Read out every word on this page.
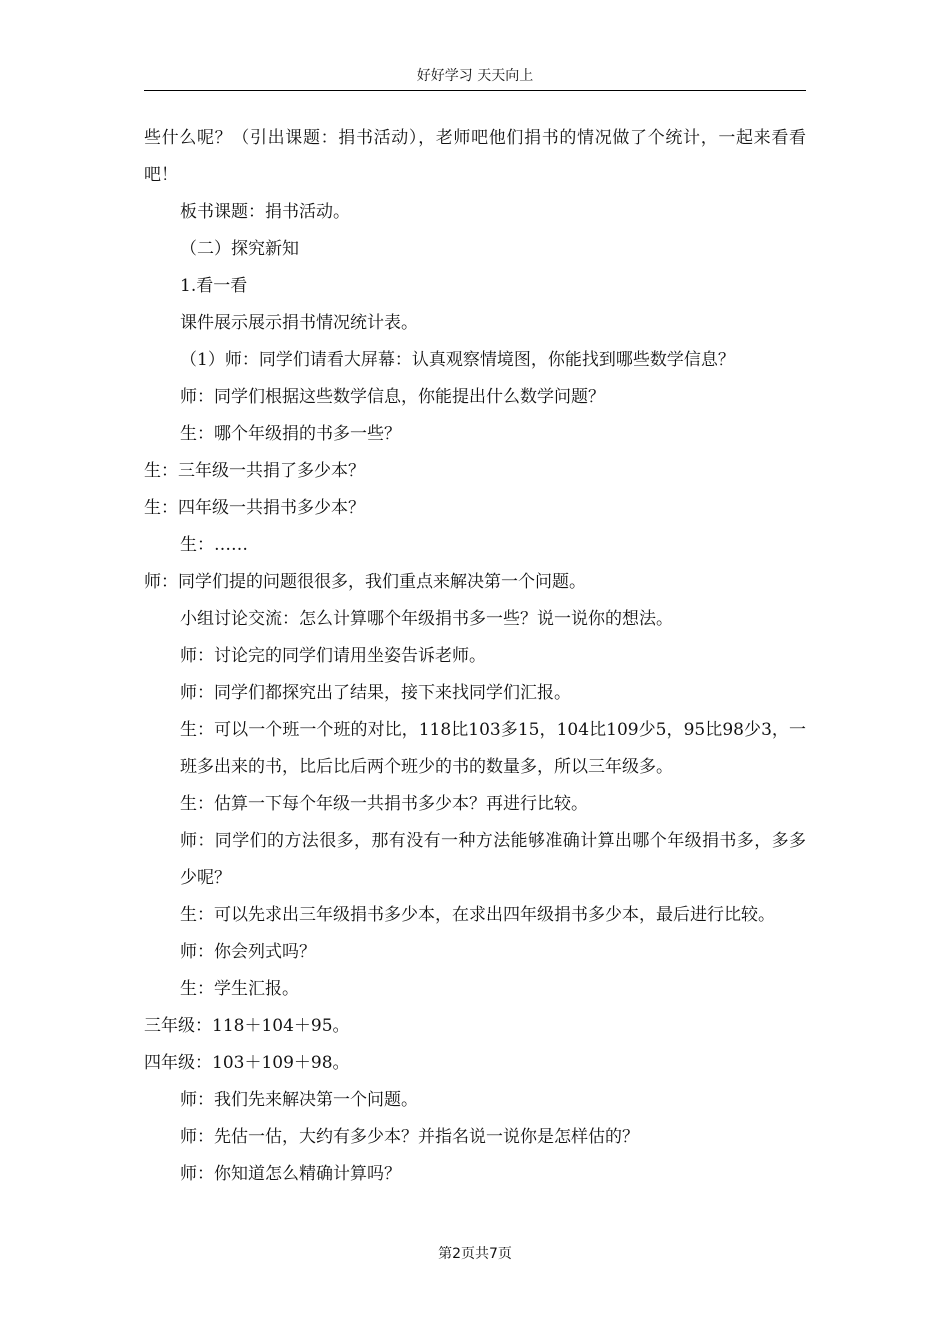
好好学习 天天向上

些什么呢？（引出课题：捐书活动），老师吧他们捐书的情况做了个统计，一起来看看吧！

板书课题：捐书活动。

（二）探究新知

1.看一看

课件展示展示捐书情况统计表。

（1）师：同学们请看大屏幕：认真观察情境图，你能找到哪些数学信息？

师：同学们根据这些数学信息，你能提出什么数学问题？

生：哪个年级捐的书多一些？

生：三年级一共捐了多少本？

生：四年级一共捐书多少本？

生：……

师：同学们提的问题很很多，我们重点来解决第一个问题。

小组讨论交流：怎么计算哪个年级捐书多一些？说一说你的想法。

师：讨论完的同学们请用坐姿告诉老师。

师：同学们都探究出了结果，接下来找同学们汇报。

生：可以一个班一个班的对比，118比103多15，104比109少5，95比98少3，一班多出来的书，比后比后两个班少的书的数量多，所以三年级多。

生：估算一下每个年级一共捐书多少本？再进行比较。

师：同学们的方法很多，那有没有一种方法能够准确计算出哪个年级捐书多，多多少呢？

生：可以先求出三年级捐书多少本，在求出四年级捐书多少本，最后进行比较。

师：你会列式吗？

生：学生汇报。

三年级：118＋104＋95。

四年级：103＋109＋98。

师：我们先来解决第一个问题。

师：先估一估，大约有多少本？并指名说一说你是怎样估的？

师：你知道怎么精确计算吗？

第2页共7页
